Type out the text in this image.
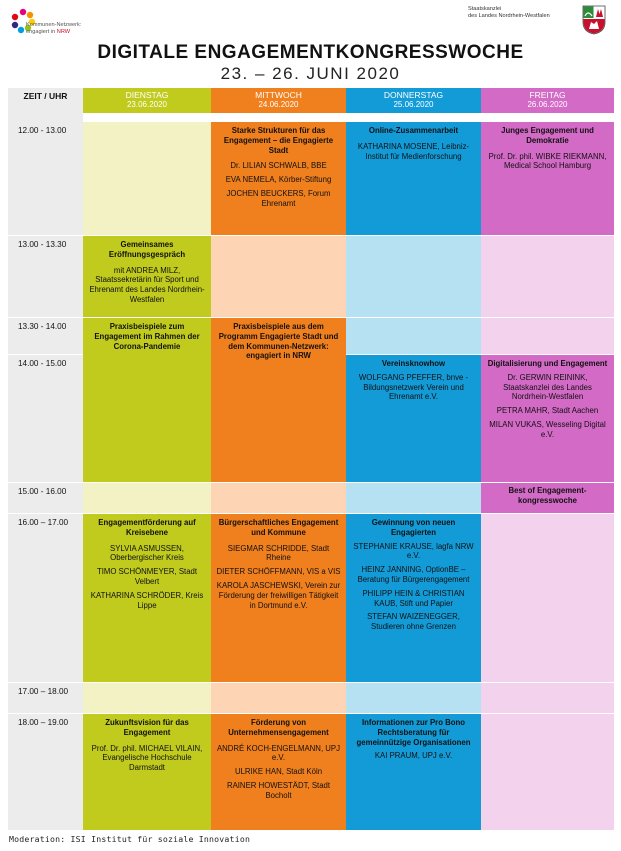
Kommunen-Netzwerk:
engagiert in NRW
Staatskanzlei
des Landes Nordrhein-Westfalen
DIGITALE ENGAGEMENTKONGRESSWOCHE
23. – 26. JUNI 2020
ZEIT / UHR	DIENSTAG
23.06.2020
MITTWOCH
24.06.2020
DONNERSTAG
25.06.2020
FREITAG
26.06.2020
12.00 - 13.00
13.00 - 13.30
13.30 - 14.00
14.00 - 15.00
15.00 - 16.00
16.00 – 17.00
17.00 – 18.00
18.00 – 19.00
Gemeinsames Eröffnungsgespräch
mit ANDREA MILZ, Staatssekretärin für Sport und Ehrenamt des Landes Nordrhein-Westfalen
Praxisbeispiele zum Engagement im Rahmen der Corona-Pandemie
Engagementförderung auf Kreisebene
SYLVIA ASMUSSEN, Oberbergischer Kreis
TIMO SCHÖNMEYER, Stadt Velbert
KATHARINA SCHRÖDER, Kreis Lippe
Zukunftsvision für das Engagement
Prof. Dr. phil. MICHAEL VILAIN, Evangelische Hochschule Darmstadt
Starke Strukturen für das Engagement – die Engagierte Stadt
Dr. LILIAN SCHWALB, BBE
EVA NEMELA, Körber-Stiftung
JOCHEN BEUCKERS, Forum Ehrenamt
Praxisbeispiele aus dem Programm Engagierte Stadt und dem Kommunen-Netzwerk: engagiert in NRW
Bürgerschaftliches Engagement und Kommune
SIEGMAR SCHRIDDE, Stadt Rheine
DIETER SCHÖFFMANN, VIS a VIS
KAROLA JASCHEWSKI, Verein zur Förderung der freiwilligen Tätigkeit in Dortmund e.V.
Förderung von Unternehmensengagement
ANDRÉ KOCH-ENGELMANN, UPJ e.V.
ULRIKE HAN, Stadt Köln
RAINER HOWESTÄDT, Stadt Bocholt
Online-Zusammenarbeit
KATHARINA MOSENE, Leibniz-Institut für Medienforschung
Vereinsknowhow
WOLFGANG PFEFFER, bnve - Bildungsnetzwerk Verein und Ehrenamt e.V.
Gewinnung von neuen Engagierten
STEPHANIE KRAUSE, lagfa NRW e.V.
HEINZ JANNING, OptionBE – Beratung für Bürgerengagement
PHILIPP HEIN & CHRISTIAN KAUB, Stift und Papier
STEFAN WAIZENEGGER, Studieren ohne Grenzen
Informationen zur Pro Bono Rechtsberatung für gemeinnützige Organisationen
KAI PRAUM, UPJ e.V.
Junges Engagement und Demokratie
Prof. Dr. phil. WIBKE RIEKMANN, Medical School Hamburg
Digitalisierung und Engagement
Dr. GERWIN REININK, Staatskanzlei des Landes Nordrhein-Westfalen
PETRA MAHR, Stadt Aachen
MILAN VUKAS, Wesseling Digital e.V.
Best of Engagement-kongresswoche
Moderation: ISI Institut für soziale Innovation
